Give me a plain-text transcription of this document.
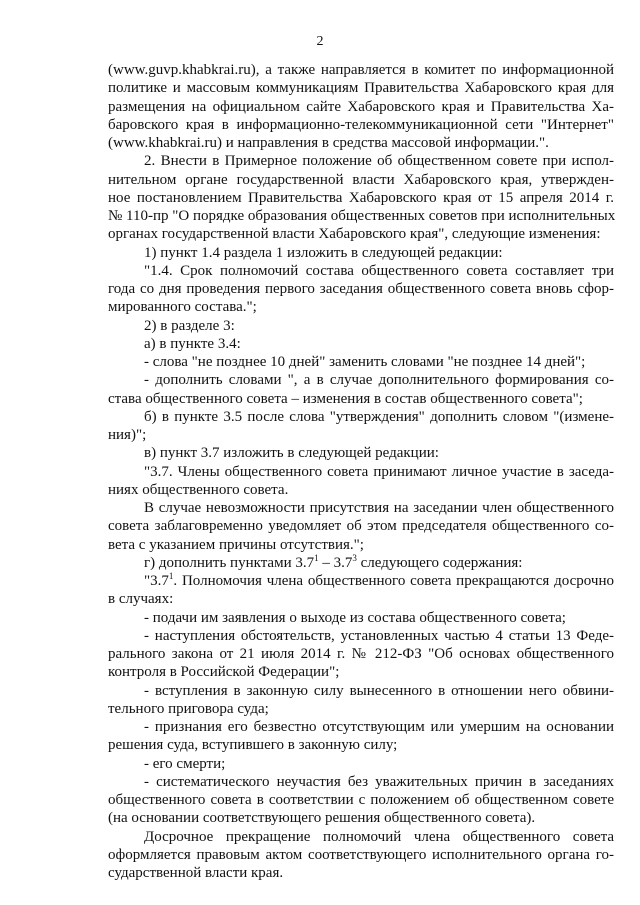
2
(www.guvp.khabkrai.ru), а также направляется в комитет по информационной
политике и массовым коммуникациям Правительства Хабаровского края для
размещения на официальном сайте Хабаровского края и Правительства Ха-
баровского края в информационно-телекоммуникационной сети "Интернет"
(www.khabkrai.ru) и направления в средства массовой информации.".
2. Внести в Примерное положение об общественном совете при испол-
нительном органе государственной власти Хабаровского края, утвержден-
ное постановлением Правительства Хабаровского края от 15 апреля 2014 г.
№ 110-пр "О порядке образования общественных советов при исполнительных
органах государственной власти Хабаровского края", следующие изменения:
1) пункт 1.4 раздела 1 изложить в следующей редакции:
"1.4. Срок полномочий состава общественного совета составляет три
года со дня проведения первого заседания общественного совета вновь сфор-
мированного состава.";
2) в разделе 3:
а) в пункте 3.4:
- слова "не позднее 10 дней" заменить словами "не позднее 14 дней";
- дополнить словами ", а в случае дополнительного формирования со-
става общественного совета – изменения в состав общественного совета";
б) в пункте 3.5 после слова "утверждения" дополнить словом "(измене-
ния)";
в) пункт 3.7 изложить в следующей редакции:
"3.7. Члены общественного совета принимают личное участие в заседа-
ниях общественного совета.
В случае невозможности присутствия на заседании член общественного
совета заблаговременно уведомляет об этом председателя общественного со-
вета с указанием причины отсутствия.";
г) дополнить пунктами $3.7^1 - 3.7^3$ следующего содержания:
"$3.7^1$. Полномочия члена общественного совета прекращаются досрочно
в случаях:
- подачи им заявления о выходе из состава общественного совета;
- наступления обстоятельств, установленных частью 4 статьи 13 Феде-
рального закона от 21 июля 2014 г. № 212-ФЗ "Об основах общественного
контроля в Российской Федерации";
- вступления в законную силу вынесенного в отношении него обвини-
тельного приговора суда;
- признания его безвестно отсутствующим или умершим на основании
решения суда, вступившего в законную силу;
- его смерти;
- систематического неучастия без уважительных причин в заседаниях
общественного совета в соответствии с положением об общественном совете
(на основании соответствующего решения общественного совета).
Досрочное прекращение полномочий члена общественного совета
оформляется правовым актом соответствующего исполнительного органа го-
сударственной власти края.
